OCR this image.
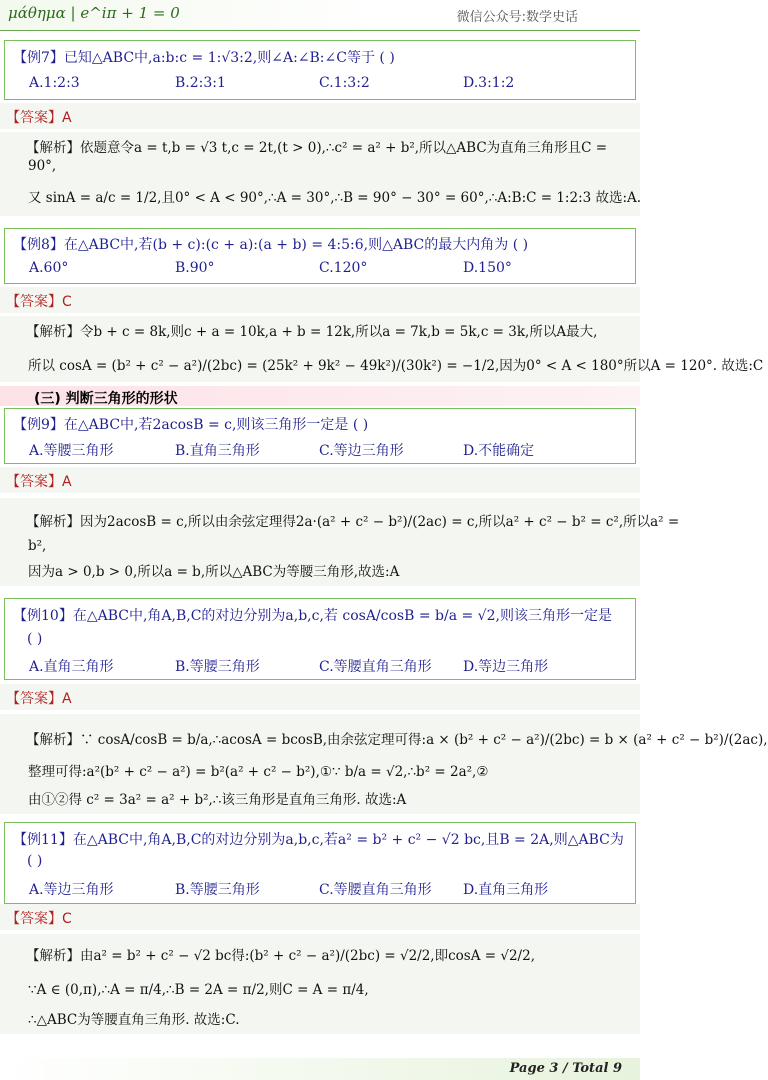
μάθημα | e^iπ + 1 = 0	微信公众号:数学史话
【例7】已知△ABC中,a:b:c = 1:√3:2,则∠A:∠B:∠C等于 ( )
A.1:2:3	B.2:3:1	C.1:3:2	D.3:1:2
【答案】A
【解析】依题意令a = t,b = √3 t,c = 2t,(t > 0),∴c² = a² + b²,所以△ABC为直角三角形且C =
90°,
又 sinA = a/c = 1/2,且0° < A < 90°,∴A = 30°,∴B = 90° − 30° = 60°,∴A:B:C = 1:2:3 故选:A.
【例8】在△ABC中,若(b + c):(c + a):(a + b) = 4:5:6,则△ABC的最大内角为 ( )
A.60°	B.90°	C.120°	D.150°
【答案】C
【解析】令b + c = 8k,则c + a = 10k,a + b = 12k,所以a = 7k,b = 5k,c = 3k,所以A最大,
所以 cosA = (b² + c² − a²)/(2bc) = (25k² + 9k² − 49k²)/(30k²) = −1/2,因为0° < A < 180°所以A = 120°. 故选:C
(三) 判断三角形的形状
【例9】在△ABC中,若2acosB = c,则该三角形一定是 ( )
A.等腰三角形	B.直角三角形	C.等边三角形	D.不能确定
【答案】A
【解析】因为2acosB = c,所以由余弦定理得2a·(a² + c² − b²)/(2ac) = c,所以a² + c² − b² = c²,所以a² =
b²,
因为a > 0,b > 0,所以a = b,所以△ABC为等腰三角形,故选:A
【例10】在△ABC中,角A,B,C的对边分别为a,b,c,若 cosA/cosB = b/a = √2,则该三角形一定是
( )
A.直角三角形	B.等腰三角形	C.等腰直角三角形 D.等边三角形
【答案】A
【解析】∵ cosA/cosB = b/a,∴acosA = bcosB,由余弦定理可得:a × (b² + c² − a²)/(2bc) = b × (a² + c² − b²)/(2ac),
整理可得:a²(b² + c² − a²) = b²(a² + c² − b²),①∵ b/a = √2,∴b² = 2a²,②
由①②得 c² = 3a² = a² + b²,∴该三角形是直角三角形. 故选:A
【例11】在△ABC中,角A,B,C的对边分别为a,b,c,若a² = b² + c² − √2 bc,且B = 2A,则△ABC为
( )
A.等边三角形	B.等腰三角形	C.等腰直角三角形 D.直角三角形
【答案】C
【解析】由a² = b² + c² − √2 bc得:(b² + c² − a²)/(2bc) = √2/2,即cosA = √2/2,
∵A ∈ (0,π),∴A = π/4,∴B = 2A = π/2,则C = A = π/4,
∴△ABC为等腰直角三角形. 故选:C.
Page 3 / Total 9
